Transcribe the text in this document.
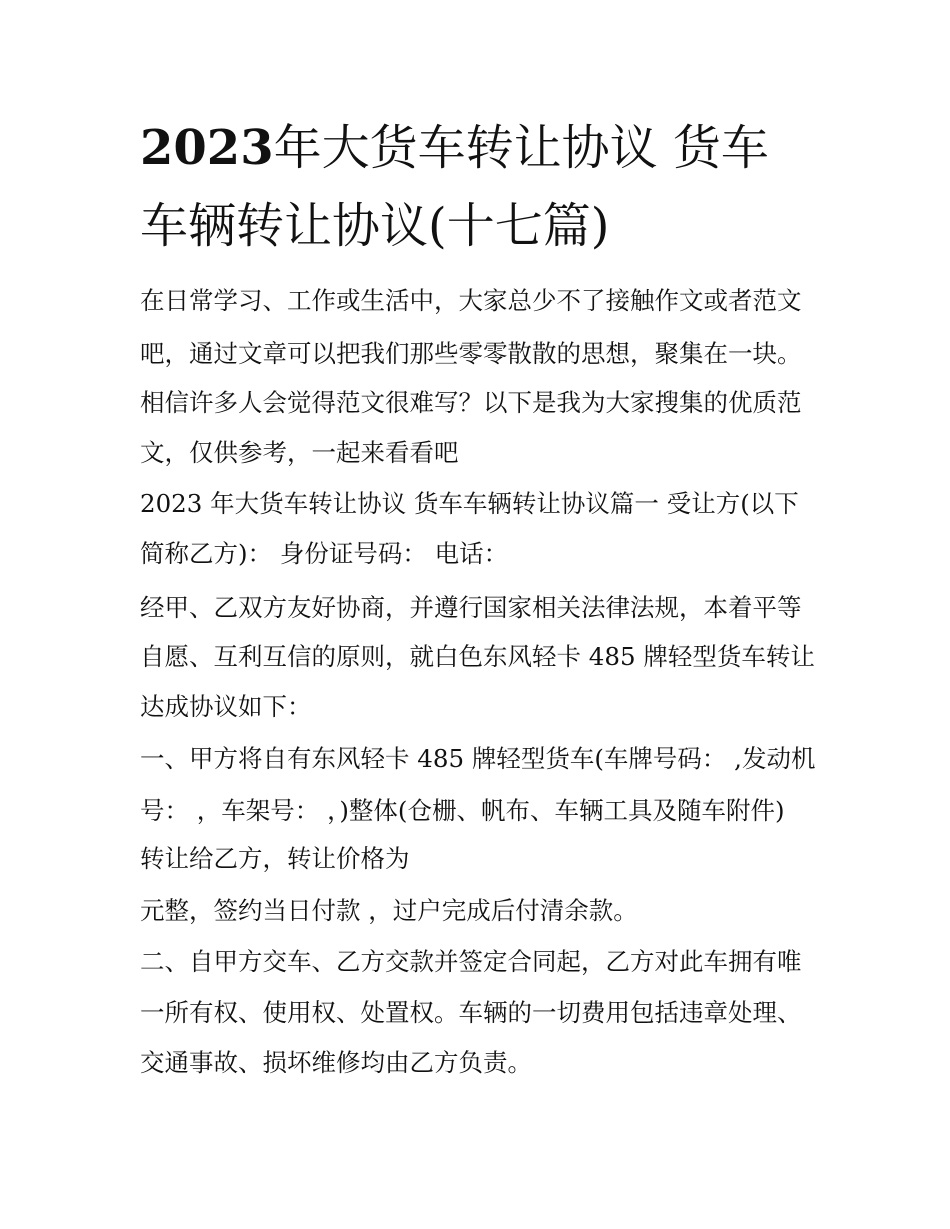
2023年大货车转让协议 货车
车辆转让协议(十七篇)

在日常学习、工作或生活中，大家总少不了接触作文或者范文

吧，通过文章可以把我们那些零零散散的思想，聚集在一块。

相信许多人会觉得范文很难写？以下是我为大家搜集的优质范

文，仅供参考，一起来看看吧

2023 年大货车转让协议 货车车辆转让协议篇一 受让方(以下

简称乙方)： 身份证号码： 电话：

经甲、乙双方友好协商，并遵行国家相关法律法规，本着平等

自愿、互利互信的原则，就白色东风轻卡 485 牌轻型货车转让

达成协议如下：

一、甲方将自有东风轻卡 485 牌轻型货车(车牌号码： ,发动机

号： ，车架号： ，)整体(仓栅、帆布、车辆工具及随车附件)

转让给乙方，转让价格为

元整，签约当日付款 ，过户完成后付清余款。

二、自甲方交车、乙方交款并签定合同起，乙方对此车拥有唯

一所有权、使用权、处置权。车辆的一切费用包括违章处理、

交通事故、损坏维修均由乙方负责。
